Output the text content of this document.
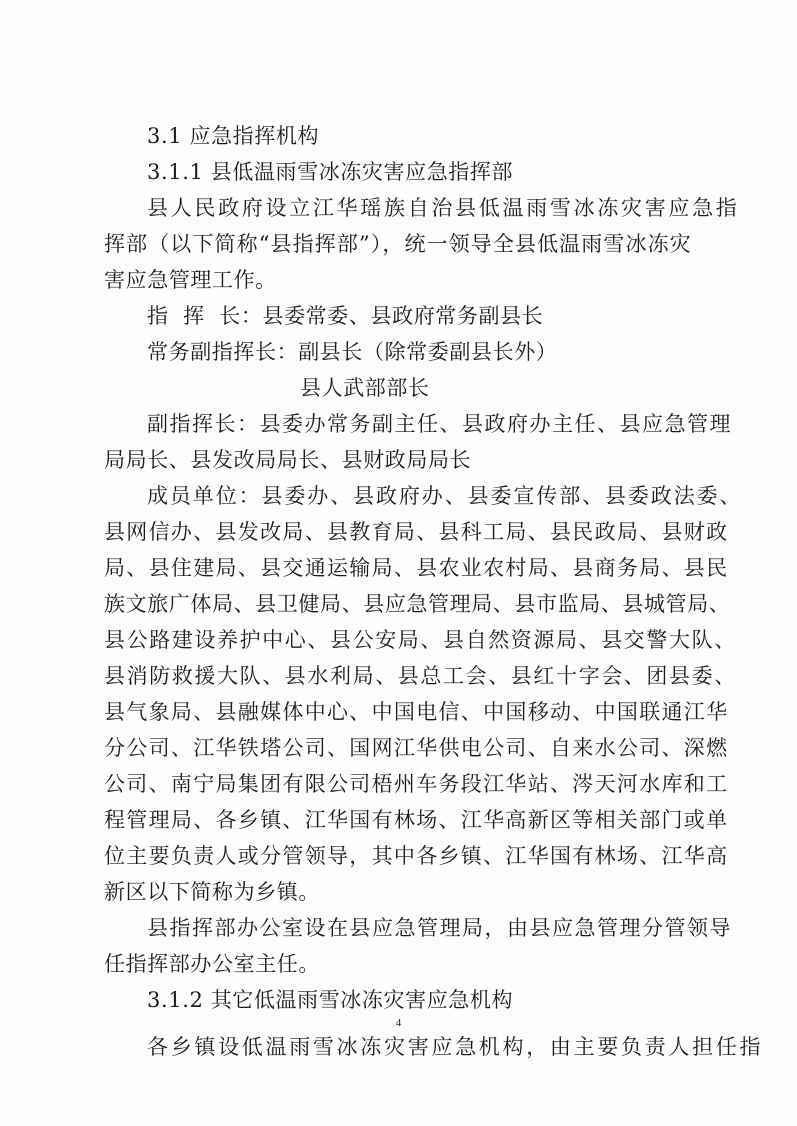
3.1 应急指挥机构
3.1.1 县低温雨雪冰冻灾害应急指挥部
县人民政府设立江华瑶族自治县低温雨雪冰冻灾害应急指
挥部（以下简称“县指挥部”），统一领导全县低温雨雪冰冻灾
害应急管理工作。
指  挥  长：县委常委、县政府常务副县长
常务副指挥长：副县长（除常委副县长外）
县人武部部长
副指挥长：县委办常务副主任、县政府办主任、县应急管理
局局长、县发改局局长、县财政局局长
成员单位：县委办、县政府办、县委宣传部、县委政法委、
县网信办、县发改局、县教育局、县科工局、县民政局、县财政
局、县住建局、县交通运输局、县农业农村局、县商务局、县民
族文旅广体局、县卫健局、县应急管理局、县市监局、县城管局、
县公路建设养护中心、县公安局、县自然资源局、县交警大队、
县消防救援大队、县水利局、县总工会、县红十字会、团县委、
县气象局、县融媒体中心、中国电信、中国移动、中国联通江华
分公司、江华铁塔公司、国网江华供电公司、自来水公司、深燃
公司、南宁局集团有限公司梧州车务段江华站、涔天河水库和工
程管理局、各乡镇、江华国有林场、江华高新区等相关部门或单
位主要负责人或分管领导，其中各乡镇、江华国有林场、江华高
新区以下简称为乡镇。
县指挥部办公室设在县应急管理局，由县应急管理分管领导
任指挥部办公室主任。
3.1.2 其它低温雨雪冰冻灾害应急机构
各乡镇设低温雨雪冰冻灾害应急机构，由主要负责人担任指
4
